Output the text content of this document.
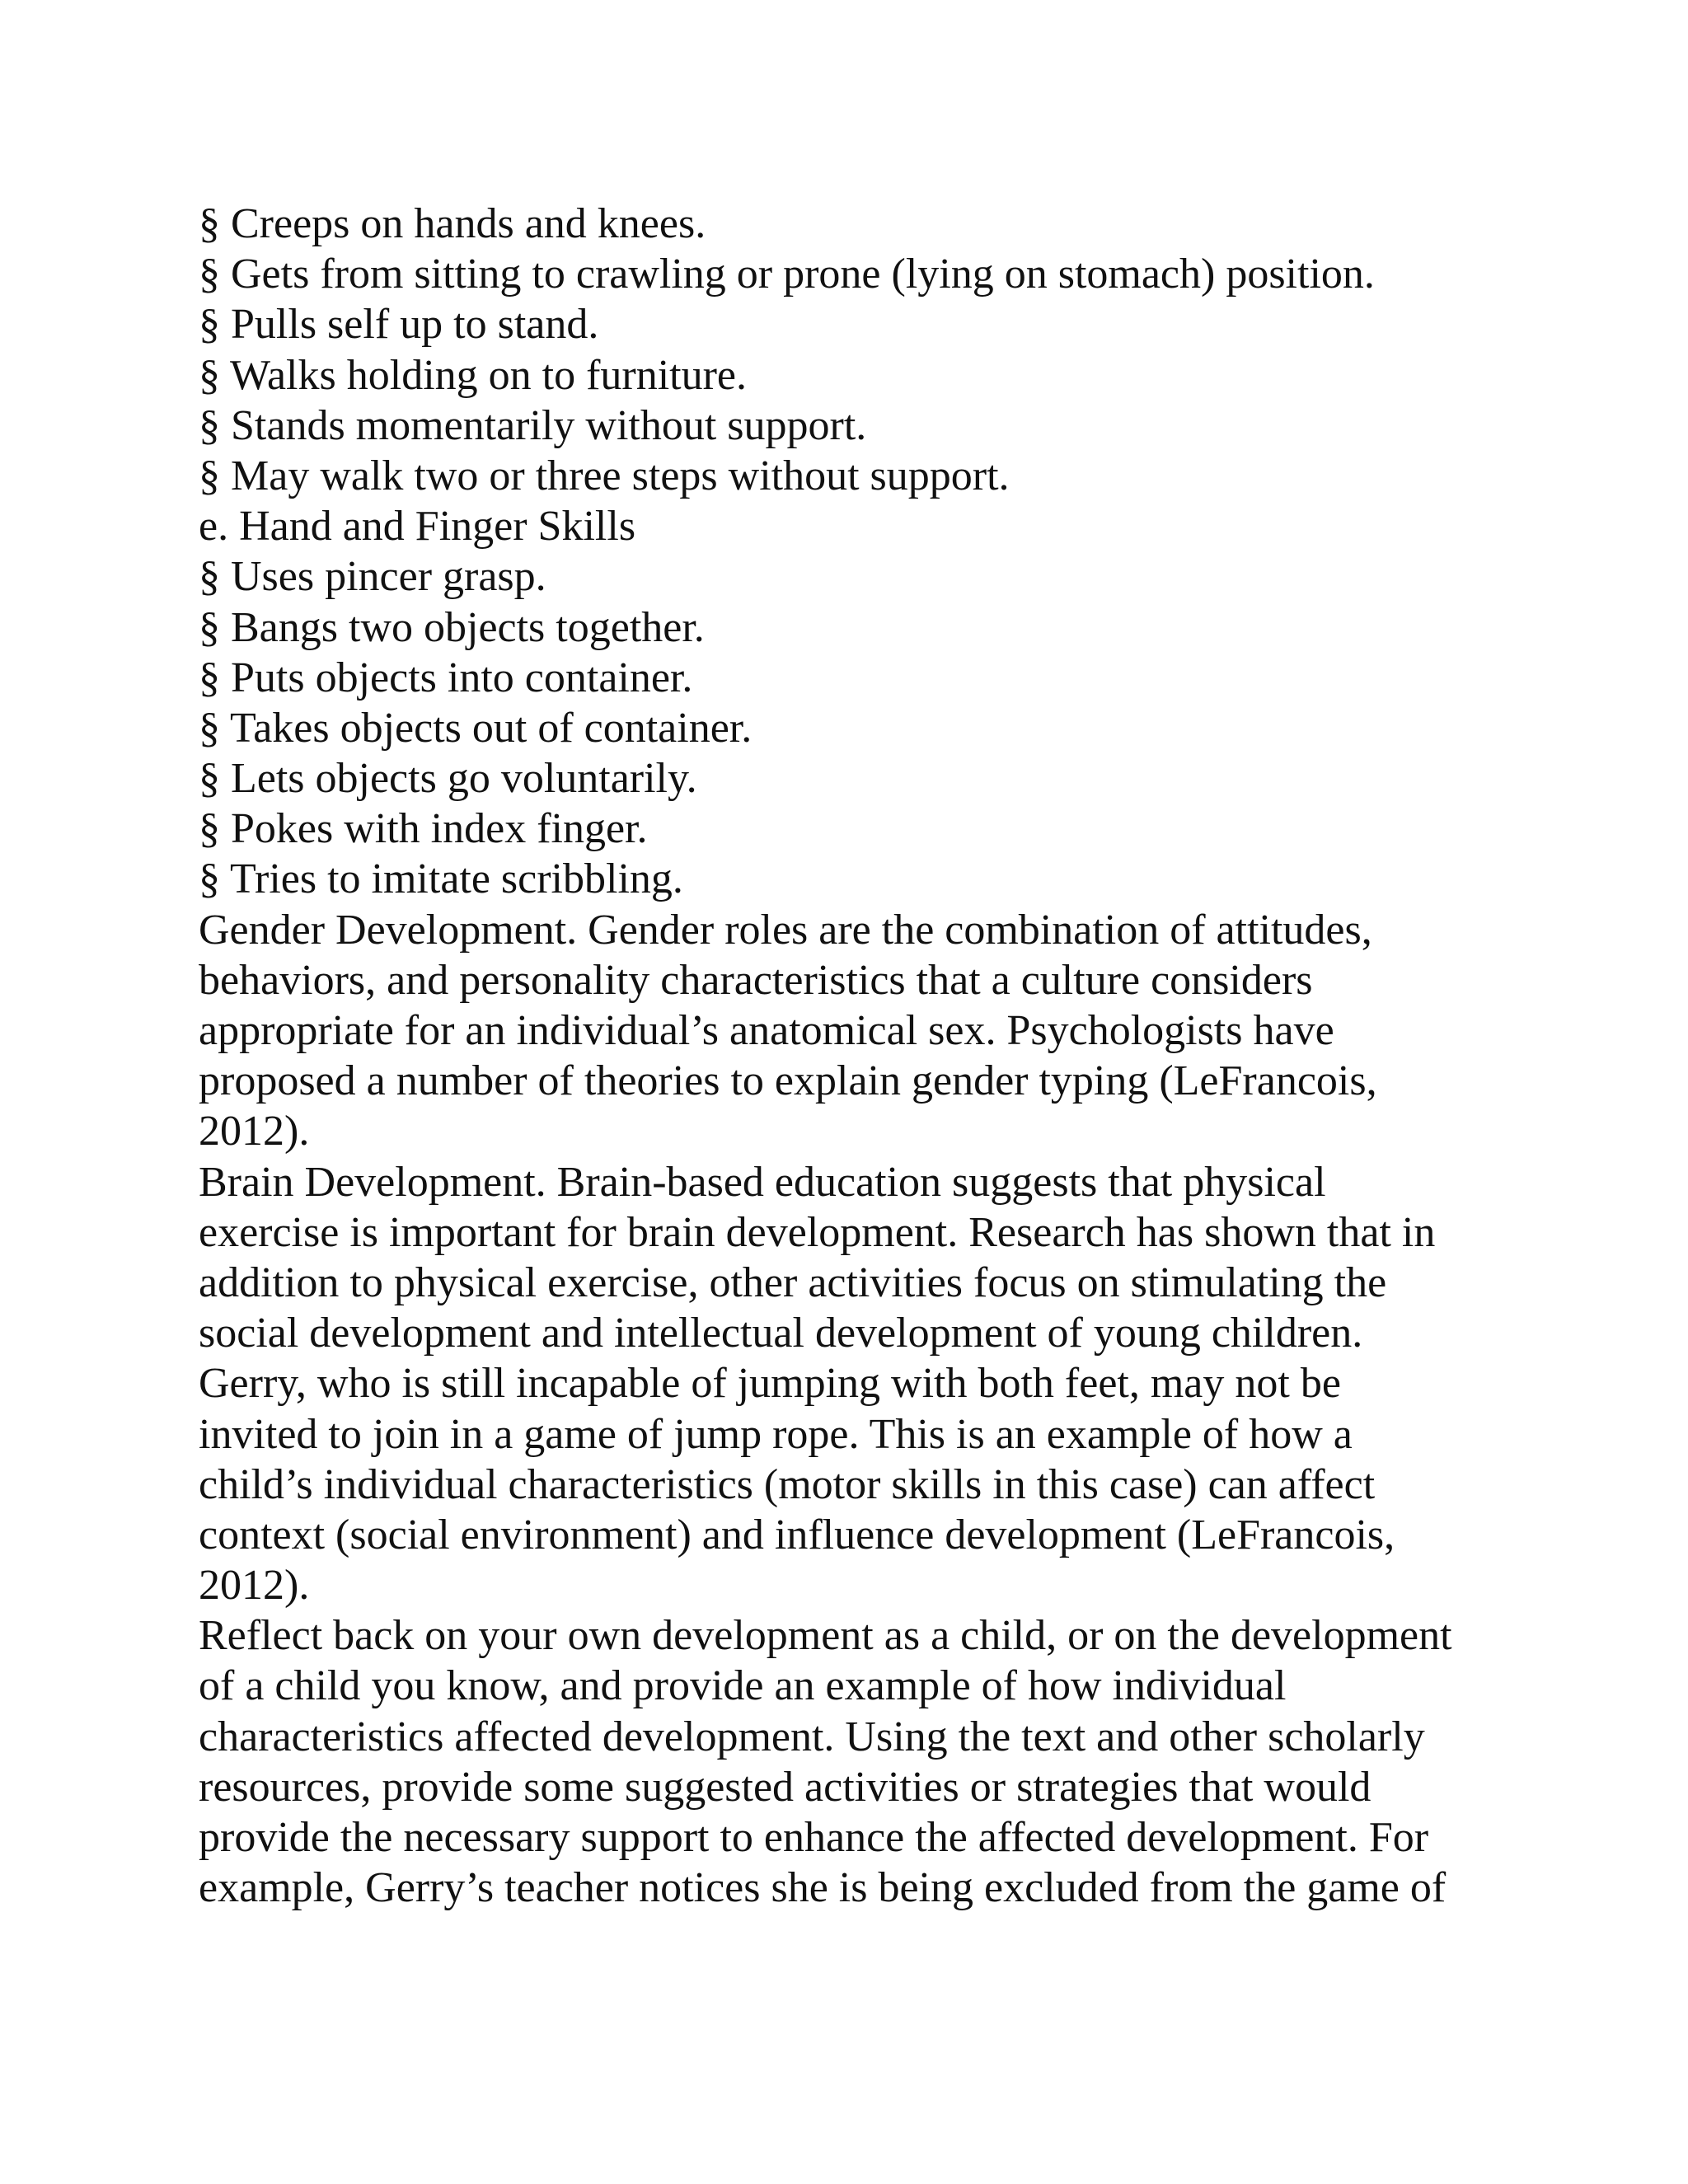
§ Creeps on hands and knees.
§ Gets from sitting to crawling or prone (lying on stomach) position.
§ Pulls self up to stand.
§ Walks holding on to furniture.
§ Stands momentarily without support.
§ May walk two or three steps without support.
e. Hand and Finger Skills
§ Uses pincer grasp.
§ Bangs two objects together.
§ Puts objects into container.
§ Takes objects out of container.
§ Lets objects go voluntarily.
§ Pokes with index finger.
§ Tries to imitate scribbling.
Gender Development. Gender roles are the combination of attitudes,
behaviors, and personality characteristics that a culture considers
appropriate for an individual’s anatomical sex. Psychologists have
proposed a number of theories to explain gender typing (LeFrancois,
2012).
Brain Development. Brain-based education suggests that physical
exercise is important for brain development. Research has shown that in
addition to physical exercise, other activities focus on stimulating the
social development and intellectual development of young children.
Gerry, who is still incapable of jumping with both feet, may not be
invited to join in a game of jump rope. This is an example of how a
child’s individual characteristics (motor skills in this case) can affect
context (social environment) and influence development (LeFrancois,
2012).
Reflect back on your own development as a child, or on the development
of a child you know, and provide an example of how individual
characteristics affected development. Using the text and other scholarly
resources, provide some suggested activities or strategies that would
provide the necessary support to enhance the affected development. For
example, Gerry’s teacher notices she is being excluded from the game of
